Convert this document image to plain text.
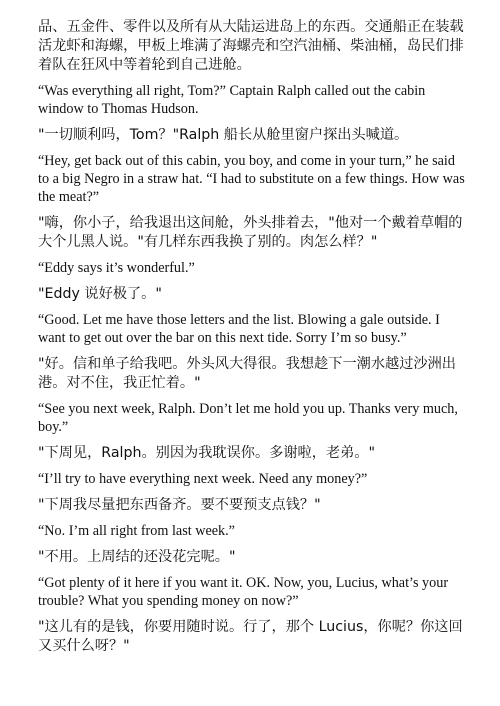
品、五金件、零件以及所有从大陆运进岛上的东西。交通船正在装载活龙虾和海螺，甲板上堆满了海螺壳和空汽油桶、柴油桶，岛民们排着队在狂风中等着轮到自己进舱。

“Was everything all right, Tom?” Captain Ralph called out the cabin window to Thomas Hudson.

"一切顺利吗，Tom？"Ralph 船长从舱里窗户探出头喊道。

“Hey, get back out of this cabin, you boy, and come in your turn,” he said to a big Negro in a straw hat. “I had to substitute on a few things. How was the meat?”

"嗨，你小子，给我退出这间舱，外头排着去，"他对一个戴着草帽的大个儿黑人说。"有几样东西我换了别的。肉怎么样？"

“Eddy says it’s wonderful.”

"Eddy 说好极了。"

“Good. Let me have those letters and the list. Blowing a gale outside. I want to get out over the bar on this next tide. Sorry I’m so busy.”

"好。信和单子给我吧。外头风大得很。我想趁下一潮水越过沙洲出港。对不住，我正忙着。"

“See you next week, Ralph. Don’t let me hold you up. Thanks very much, boy.”

"下周见，Ralph。别因为我耽误你。多谢啦，老弟。"

“I’ll try to have everything next week. Need any money?”

"下周我尽量把东西备齐。要不要预支点钱？"

“No. I’m all right from last week.”

"不用。上周结的还没花完呢。"

“Got plenty of it here if you want it. OK. Now, you, Lucius, what’s your trouble? What you spending money on now?”

"这儿有的是钱，你要用随时说。行了，那个 Lucius，你呢？你这回又买什么呀？"
